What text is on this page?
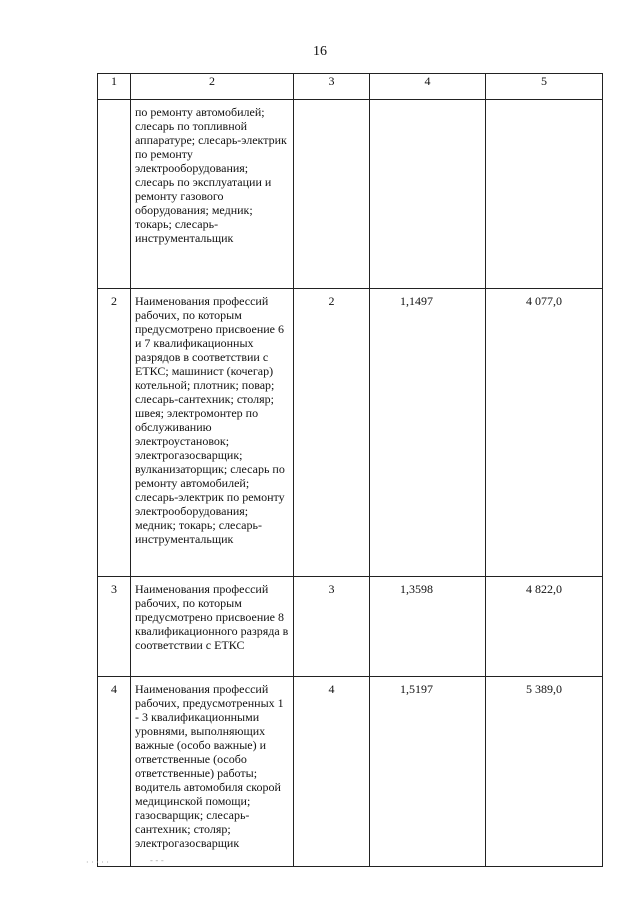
16
1	2	3	4	5

	по ремонту автомобилей; слесарь по топливной аппаратуре; слесарь-электрик по ремонту электрооборудования; слесарь по эксплуатации и ремонту газового оборудования; медник; токарь; слесарь-инструментальщик			

2	Наименования профессий рабочих, по которым предусмотрено присвоение 6 и 7 квалификационных разрядов в соответствии с ЕТКС; машинист (кочегар) котельной; плотник; повар; слесарь-сантехник; столяр; швея; электромонтер по обслуживанию электроустановок; электрогазосварщик; вулканизаторщик; слесарь по ремонту автомобилей; слесарь-электрик по ремонту электрооборудования; медник; токарь; слесарь-инструментальщик	2	1,1497	4 077,0

3	Наименования профессий рабочих, по которым предусмотрено присвоение 8 квалификационного разряда в соответствии с ЕТКС	3	1,3598	4 822,0

4	Наименования профессий рабочих, предусмотренных 1 - 3 квалификационными уровнями, выполняющих важные (особо важные) и ответственные (особо ответственные) работы; водитель автомобиля скорой медицинской помощи; газосварщик; слесарь-сантехник; столяр; электрогазосварщик	4	1,5197	5 389,0
· · · · ·	- - -
